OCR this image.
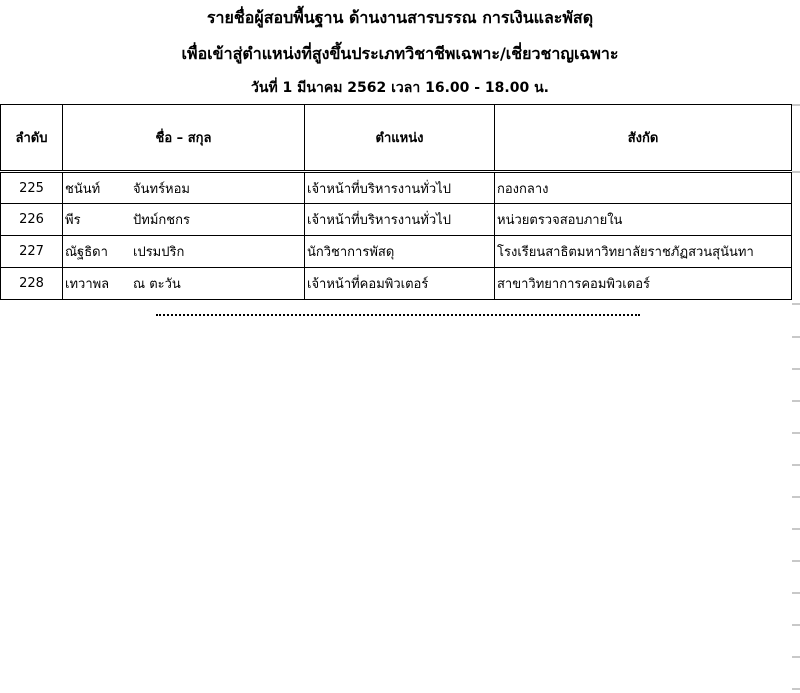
รายชื่อผู้สอบพื้นฐาน ด้านงานสารบรรณ การเงินและพัสดุ
เพื่อเข้าสู่ตำแหน่งที่สูงขึ้นประเภทวิชาชีพเฉพาะ/เชี่ยวชาญเฉพาะ
วันที่ 1 มีนาคม 2562 เวลา 16.00 - 18.00 น.
ลำดับ	ชื่อ – สกุล	ตำแหน่ง	สังกัด
225	ชนันท์ จันทร์หอม	เจ้าหน้าที่บริหารงานทั่วไป	กองกลาง
226	พีร ปัทม์กชกร	เจ้าหน้าที่บริหารงานทั่วไป	หน่วยตรวจสอบภายใน
227	ณัฐธิดา เปรมปริก	นักวิชาการพัสดุ	โรงเรียนสาธิตมหาวิทยาลัยราชภัฏสวนสุนันทา
228	เทวาพล ณ ตะวัน	เจ้าหน้าที่คอมพิวเตอร์	สาขาวิทยาการคอมพิวเตอร์
